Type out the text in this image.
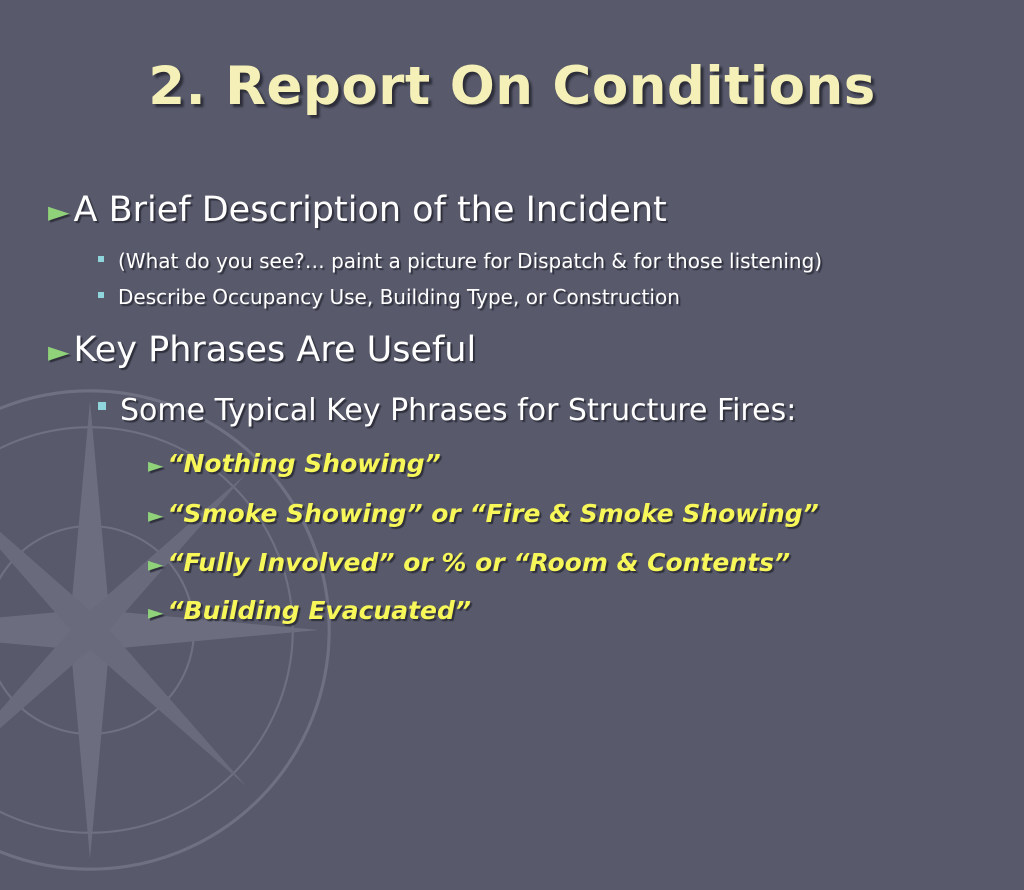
2. Report On Conditions
► A Brief Description of the Incident
(What do you see?… paint a picture for Dispatch & for those listening)
Describe Occupancy Use, Building Type, or Construction
► Key Phrases Are Useful
Some Typical Key Phrases for Structure Fires:
► “Nothing Showing”
► “Smoke Showing” or “Fire & Smoke Showing”
► “Fully Involved” or % or “Room & Contents”
► “Building Evacuated”
